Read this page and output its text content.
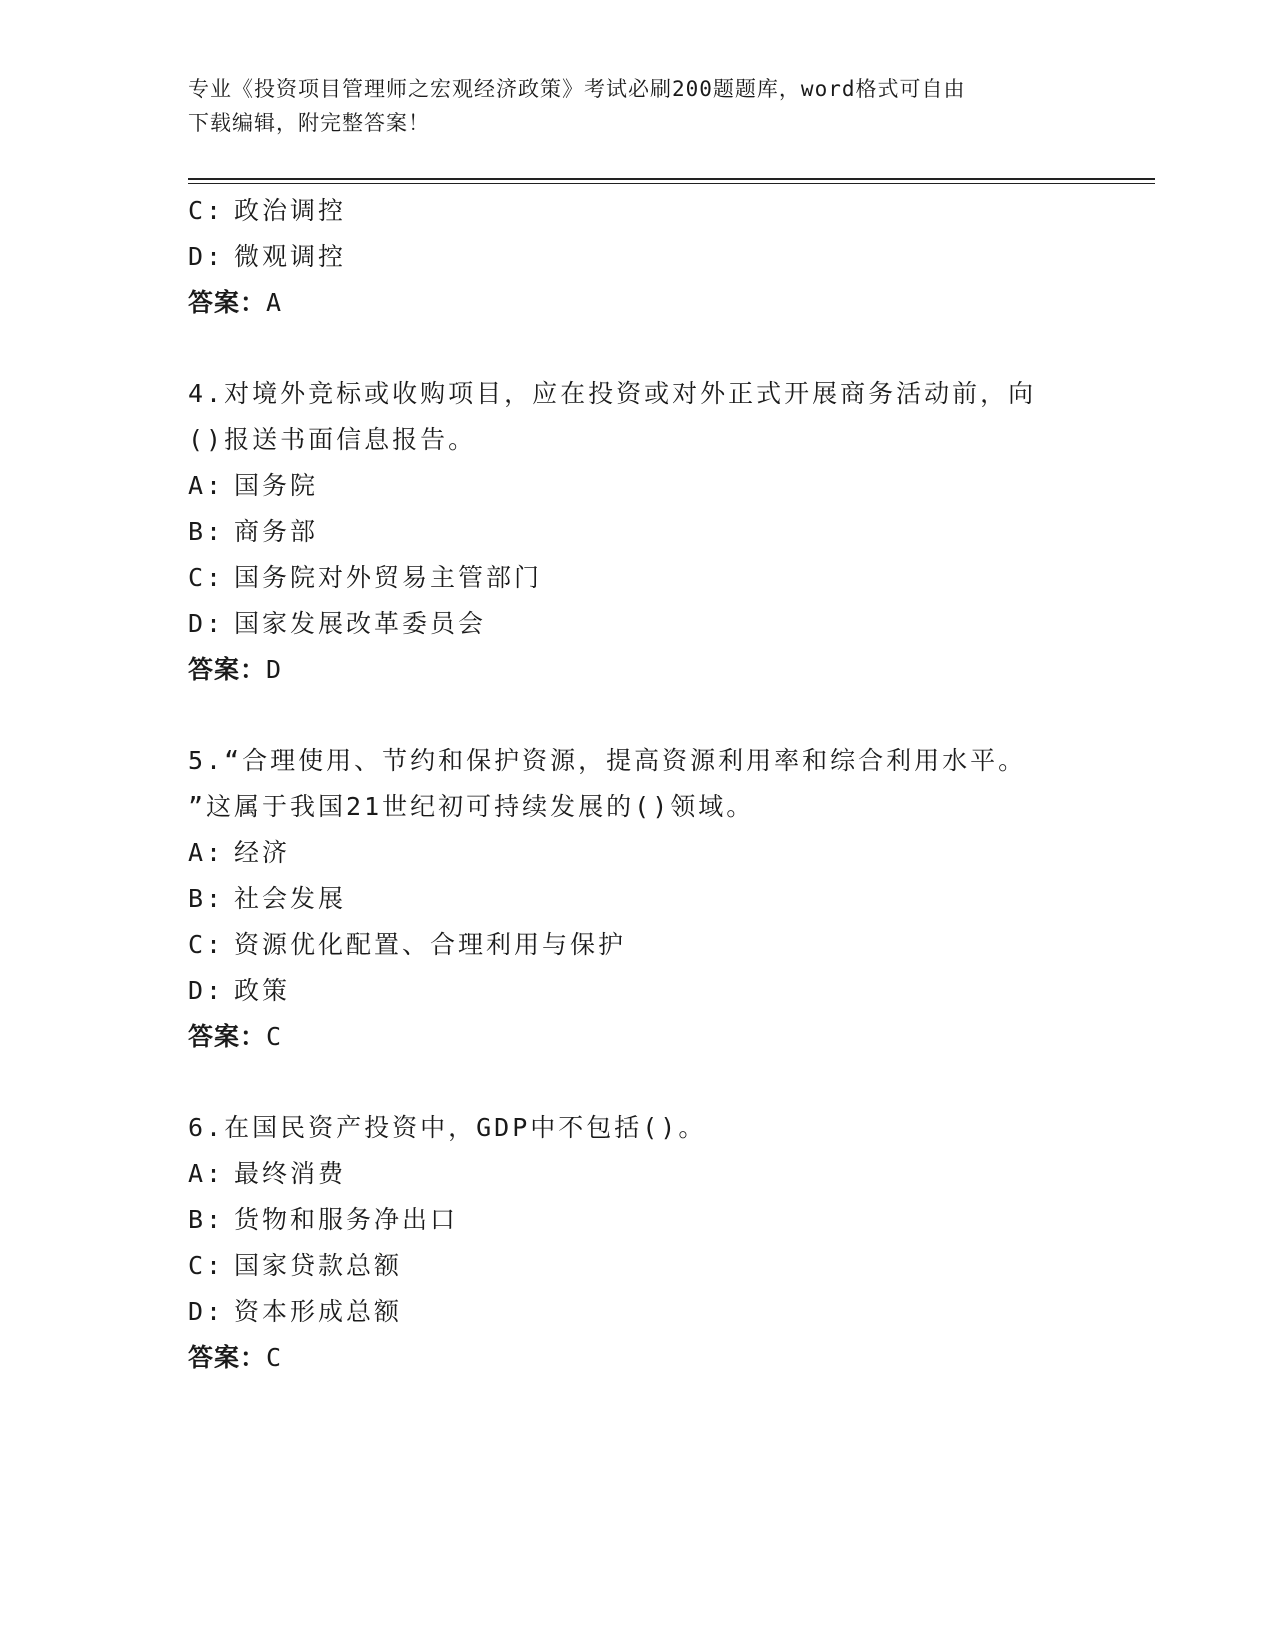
专业《投资项目管理师之宏观经济政策》考试必刷200题题库，word格式可自由
下载编辑，附完整答案！
C: 政治调控
D: 微观调控
答案：A
4.对境外竞标或收购项目，应在投资或对外正式开展商务活动前，向
()报送书面信息报告。
A: 国务院
B: 商务部
C: 国务院对外贸易主管部门
D: 国家发展改革委员会
答案：D
5.“合理使用、节约和保护资源，提高资源利用率和综合利用水平。
”这属于我国21世纪初可持续发展的()领域。
A: 经济
B: 社会发展
C: 资源优化配置、合理利用与保护
D: 政策
答案：C
6.在国民资产投资中，GDP中不包括()。
A: 最终消费
B: 货物和服务净出口
C: 国家贷款总额
D: 资本形成总额
答案：C
